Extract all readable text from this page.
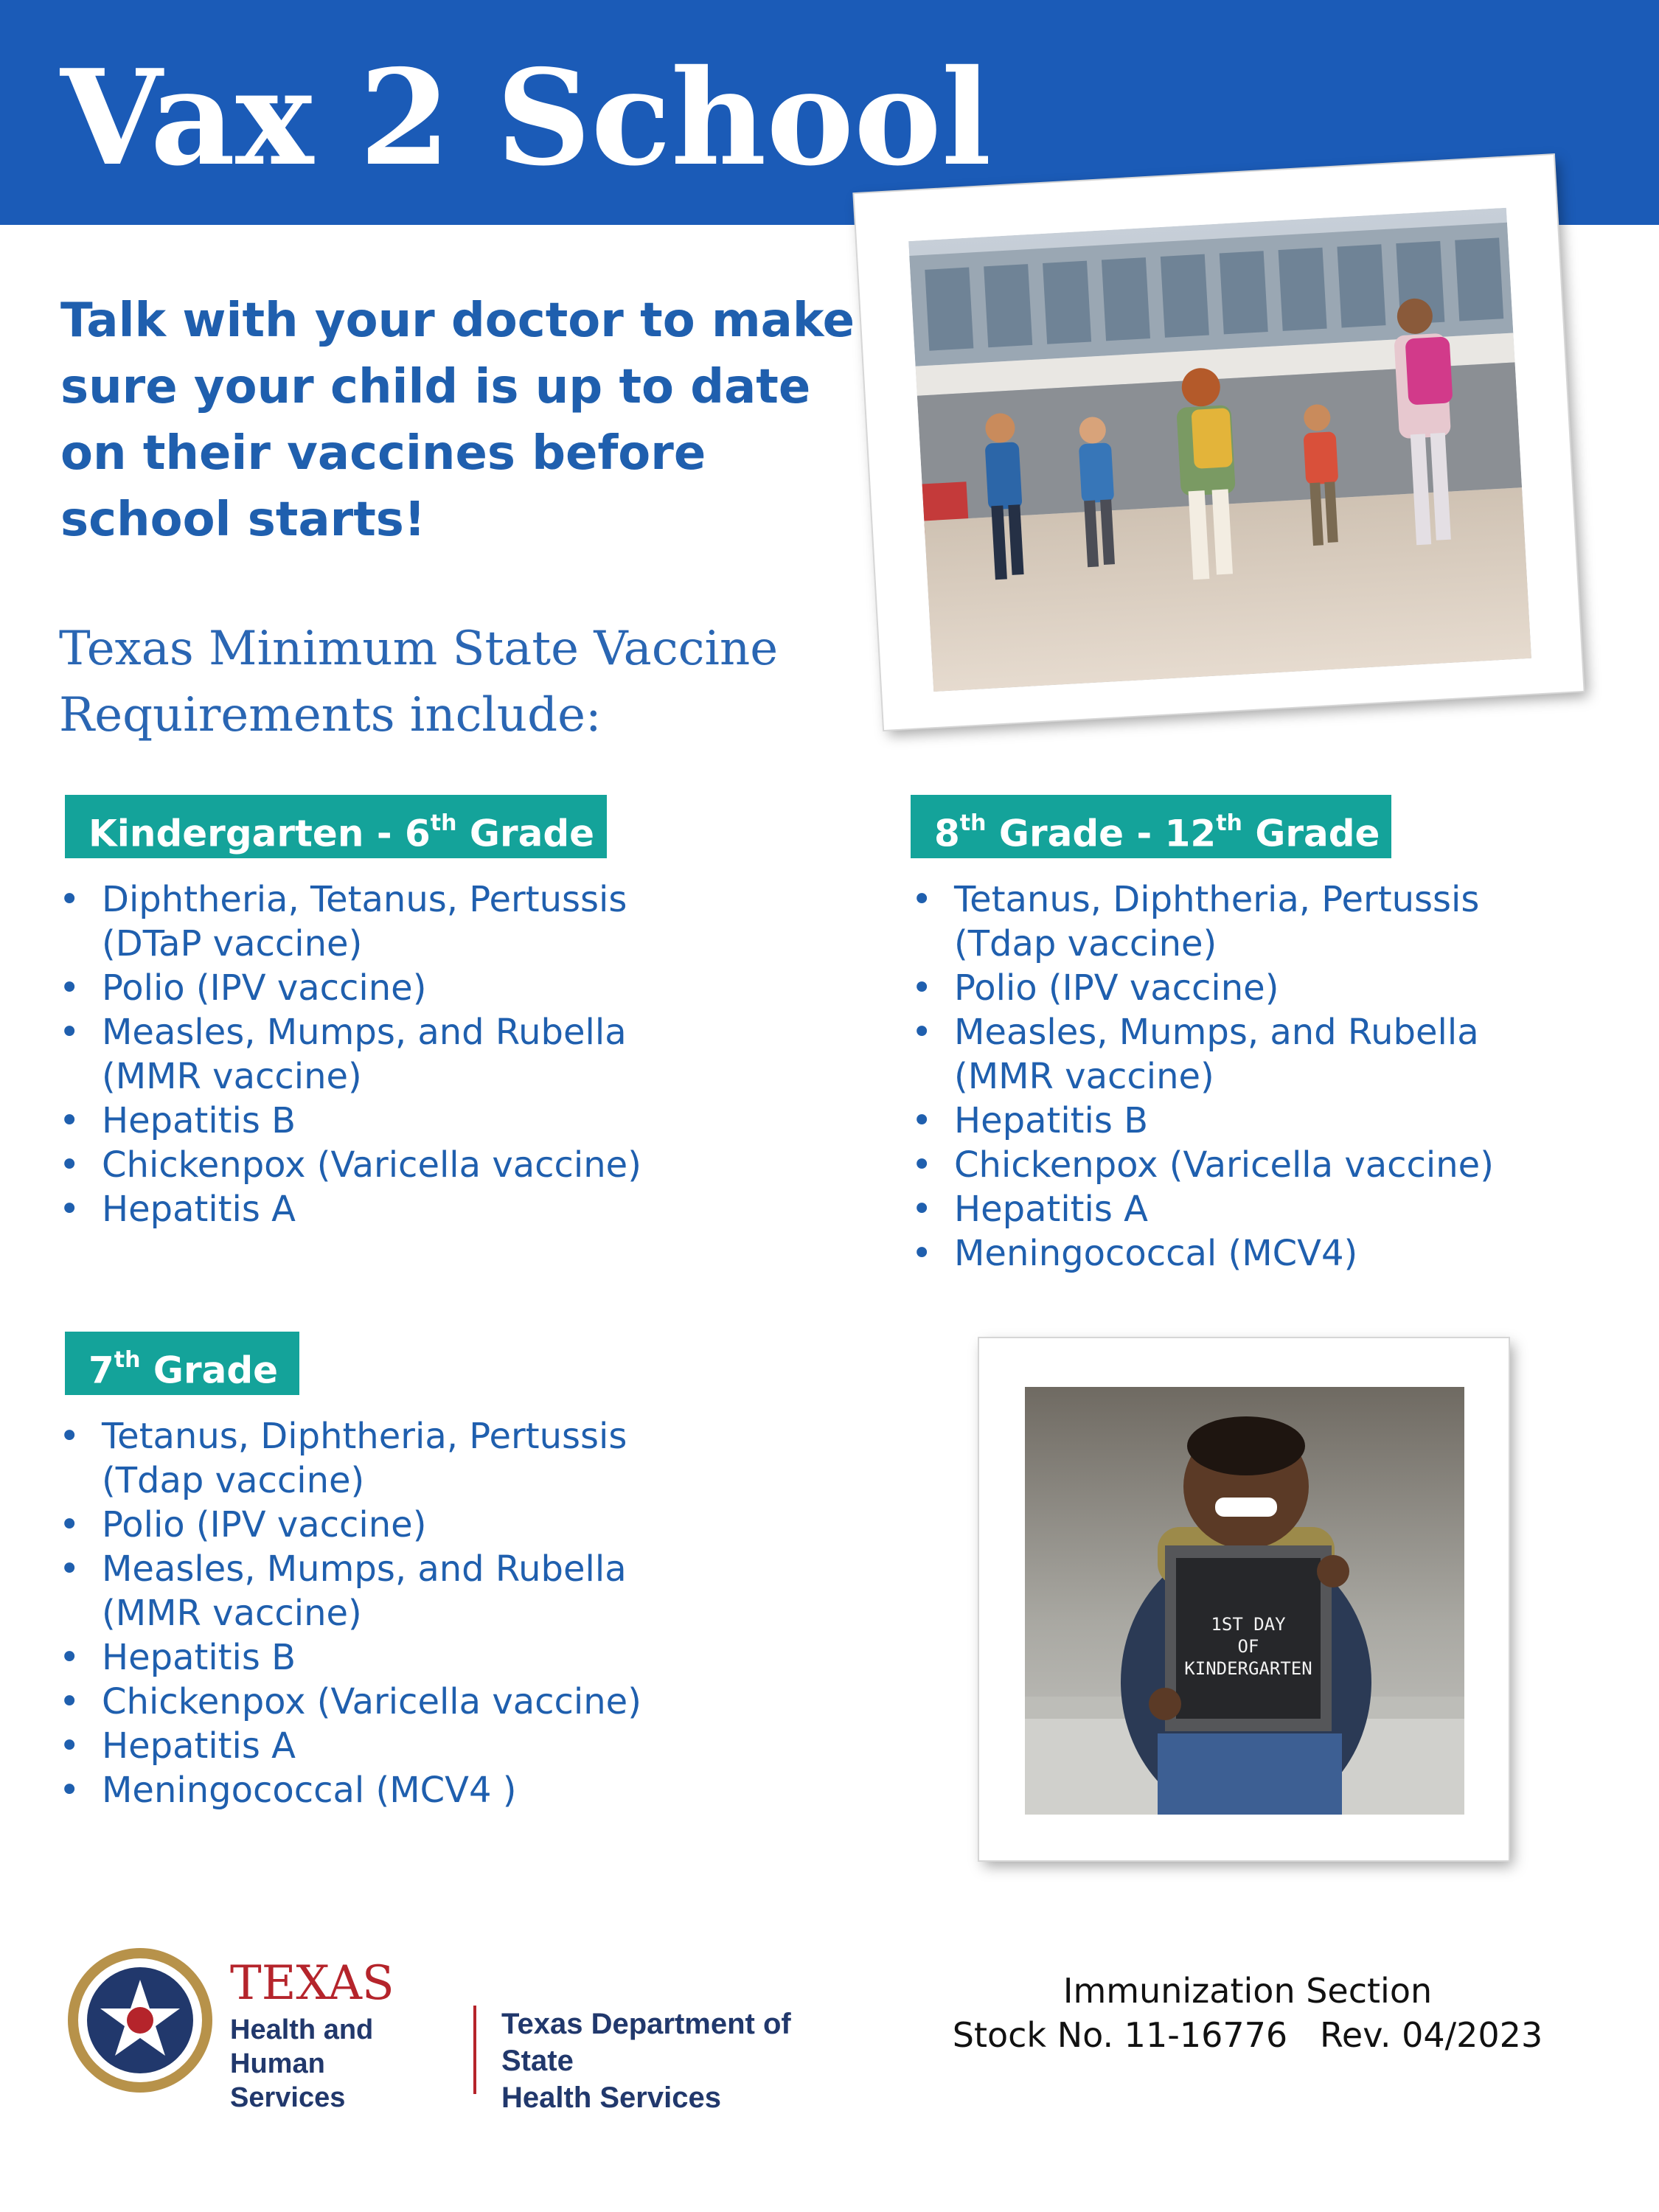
Vax 2 School
Talk with your doctor to make sure your child is up to date on their vaccines before school starts!
Texas Minimum State Vaccine Requirements include:
Kindergarten - 6th Grade	8th Grade - 12th Grade
7th Grade
• Diphtheria, Tetanus, Pertussis (DTaP vaccine)
• Polio (IPV vaccine)
• Measles, Mumps, and Rubella (MMR vaccine)
• Hepatitis B
• Chickenpox (Varicella vaccine)
• Hepatitis A
• Tetanus, Diphtheria, Pertussis (Tdap vaccine)
• Polio (IPV vaccine)
• Measles, Mumps, and Rubella (MMR vaccine)
• Hepatitis B
• Chickenpox (Varicella vaccine)
• Hepatitis A
• Meningococcal (MCV4)
• Tetanus, Diphtheria, Pertussis (Tdap vaccine)
• Polio (IPV vaccine)
• Measles, Mumps, and Rubella (MMR vaccine)
• Hepatitis B
• Chickenpox (Varicella vaccine)
• Hepatitis A
• Meningococcal (MCV4 )
1ST DAY
OF
KINDERGARTEN
TEXAS
Health and Human
Services
Texas Department of State
Health Services
Immunization Section
Stock No. 11-16776   Rev. 04/2023
